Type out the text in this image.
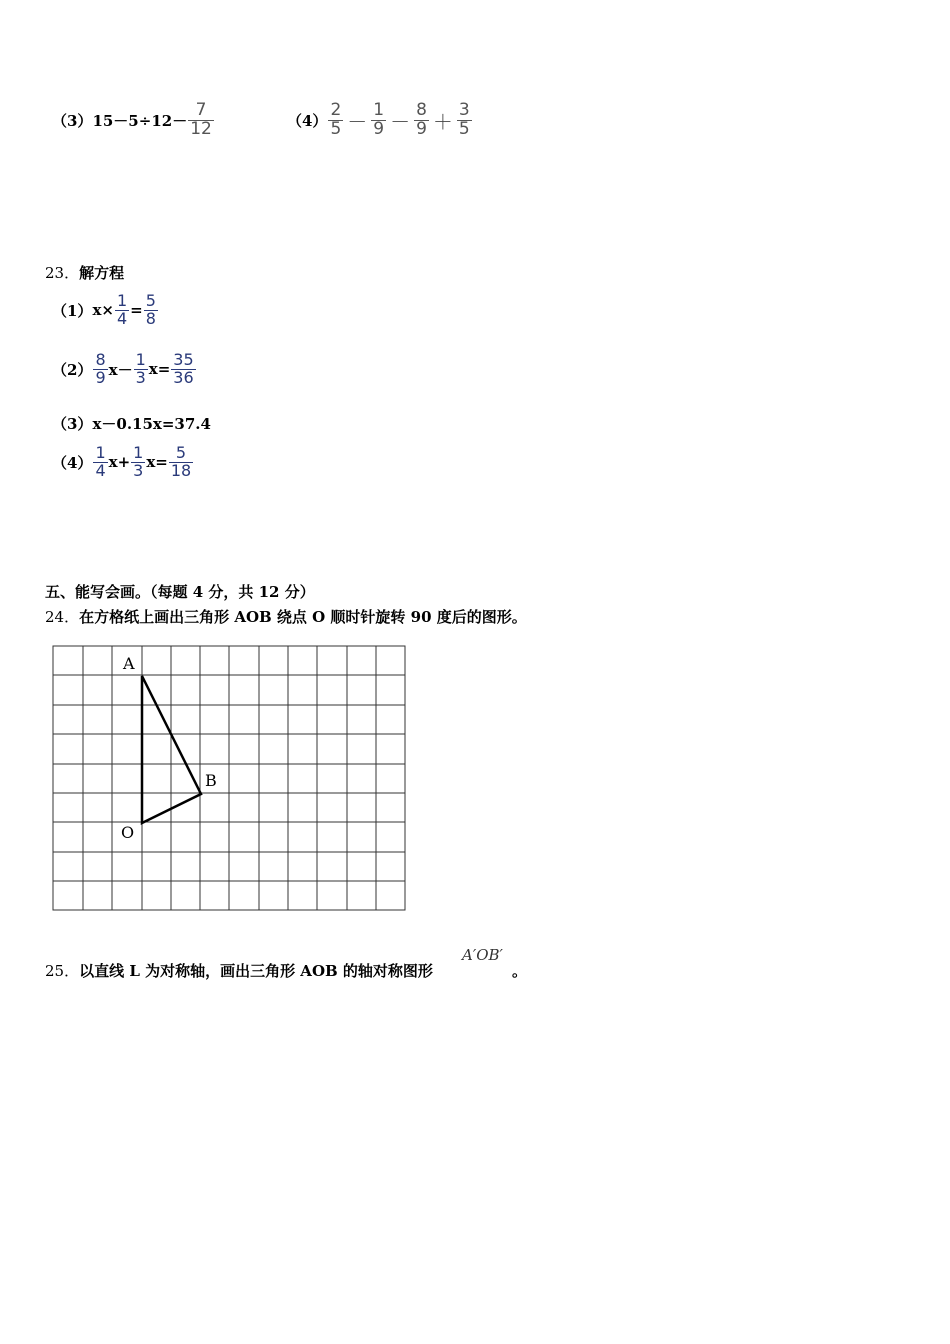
（3） $15-5\div 12- \frac{7}{12}$	$(4) \frac{2}{5} - \frac{1}{9} - \frac{8}{9} + \frac{3}{5}$
23．解方程
（1） $x\times \frac{1}{4} = \frac{5}{8}$
$(2) \frac{8}{9} x- \frac{1}{3} x= \frac{35}{36}$
（3） x－0.15x=37.4
$(4) \frac{1}{4} x+ \frac{1}{3} x= \frac{5}{18}$
五、能写会画。（每题 4 分，共 12 分）
24．在方格纸上画出三角形 AOB 绕点 O 顺时针旋转 90 度后的图形。
A
B
O
25．以直线 L 为对称轴，画出三角形 AOB 的轴对称图形
A′OB′
。
